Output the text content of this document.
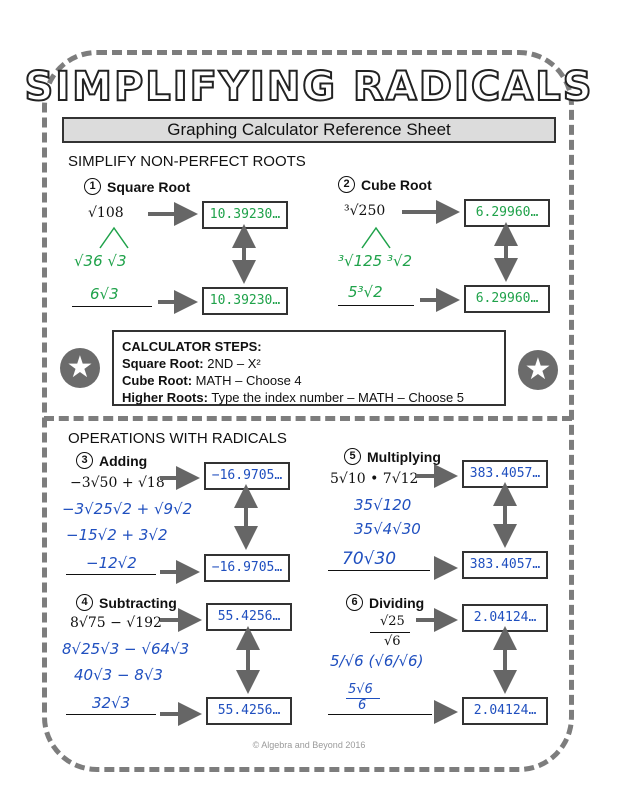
SIMPLIFYING RADICALS
Graphing Calculator Reference Sheet
SIMPLIFY NON-PERFECT ROOTS
1 Square Root
√108
√36 √3
6√3
10.39230…
10.39230…
2 Cube Root
³√250
³√125 ³√2
5³√2
6.29960…
6.29960…
★	★
CALCULATOR STEPS:
Square Root: 2ND – X²
Cube Root: MATH – Choose 4
Higher Roots: Type the index number – MATH – Choose 5
OPERATIONS WITH RADICALS
3 Adding
−3√50 + √18
−3√25√2 + √9√2
−15√2 + 3√2
−12√2
−16.9705…
−16.9705…
4 Subtracting
8√75 − √192
8√25√3 − √64√3
40√3 − 8√3
32√3
55.4256…
55.4256…
5 Multiplying
5√10 • 7√12
35√120
35√4√30
70√30
383.4057…
383.4057…
6 Dividing
√25
√6
5/√6 (√6/√6)
5√6
6
2.04124…
2.04124…
© Algebra and Beyond 2016
